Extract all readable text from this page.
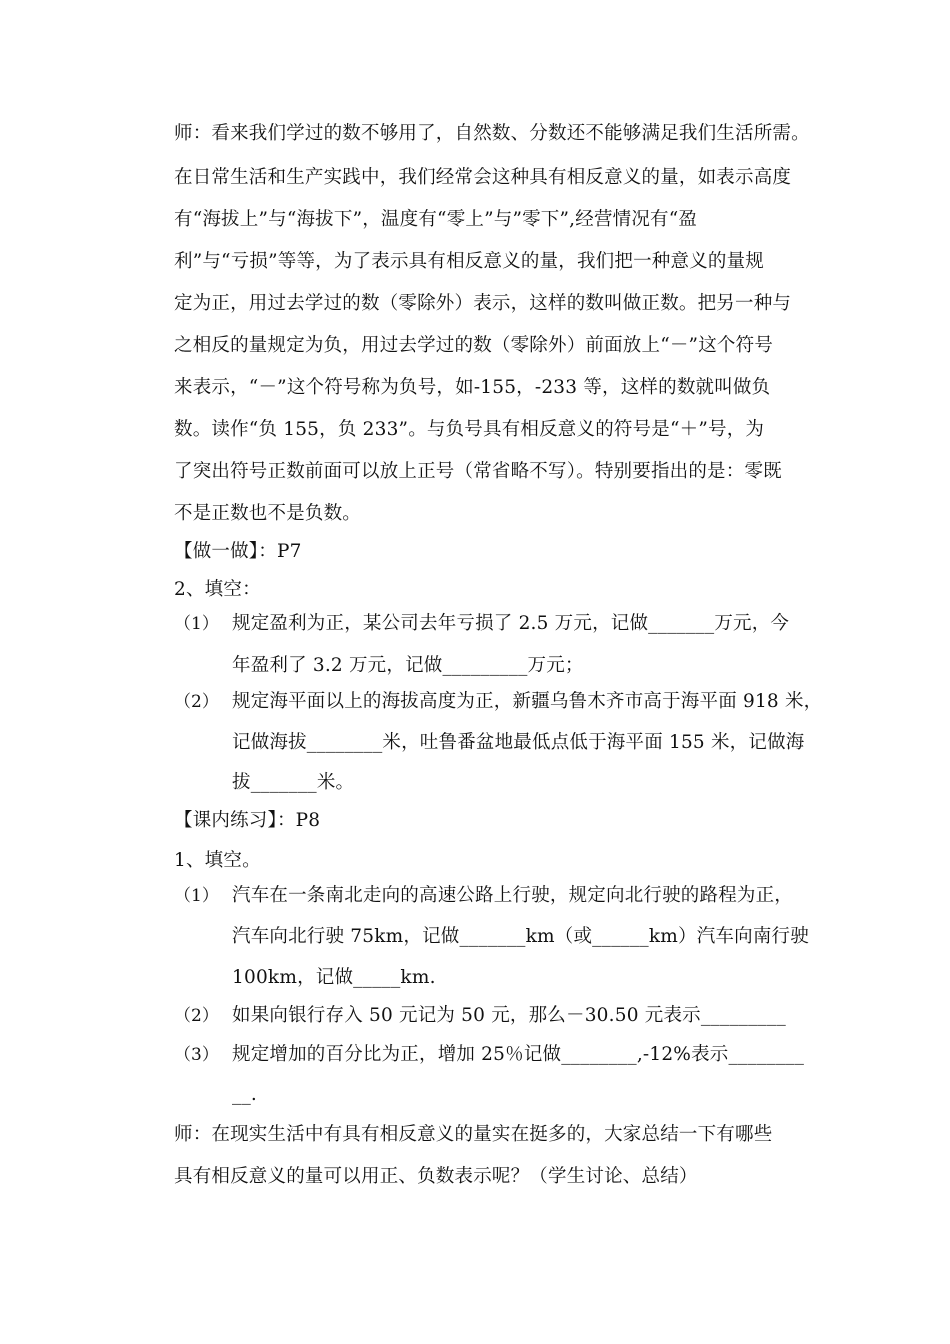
师：看来我们学过的数不够用了，自然数、分数还不能够满足我们生活所需。
在日常生活和生产实践中，我们经常会这种具有相反意义的量，如表示高度
有“海拔上”与“海拔下”，温度有“零上”与”零下”,经营情况有“盈
利”与“亏损”等等，为了表示具有相反意义的量，我们把一种意义的量规
定为正，用过去学过的数（零除外）表示，这样的数叫做正数。把另一种与
之相反的量规定为负，用过去学过的数（零除外）前面放上“－”这个符号
来表示，“－”这个符号称为负号，如-155，-233 等，这样的数就叫做负
数。读作“负 155，负 233”。与负号具有相反意义的符号是“＋”号，为
了突出符号正数前面可以放上正号（常省略不写）。特别要指出的是：零既
不是正数也不是负数。
【做一做】：P7
2、填空：
（1） 规定盈利为正，某公司去年亏损了 2.5 万元，记做_______万元，今
年盈利了 3.2 万元，记做_________万元；
（2） 规定海平面以上的海拔高度为正，新疆乌鲁木齐市高于海平面 918 米，
记做海拔________米，吐鲁番盆地最低点低于海平面 155 米，记做海
拔_______米。
【课内练习】：P8
1、填空。
（1） 汽车在一条南北走向的高速公路上行驶，规定向北行驶的路程为正，
汽车向北行驶 75km，记做_______km（或______km）汽车向南行驶
100km，记做_____km.
（2） 如果向银行存入 50 元记为 50 元，那么－30.50 元表示_________
（3） 规定增加的百分比为正，增加 25％记做________,-12%表示________
__.
师：在现实生活中有具有相反意义的量实在挺多的，大家总结一下有哪些
具有相反意义的量可以用正、负数表示呢？（学生讨论、总结）
